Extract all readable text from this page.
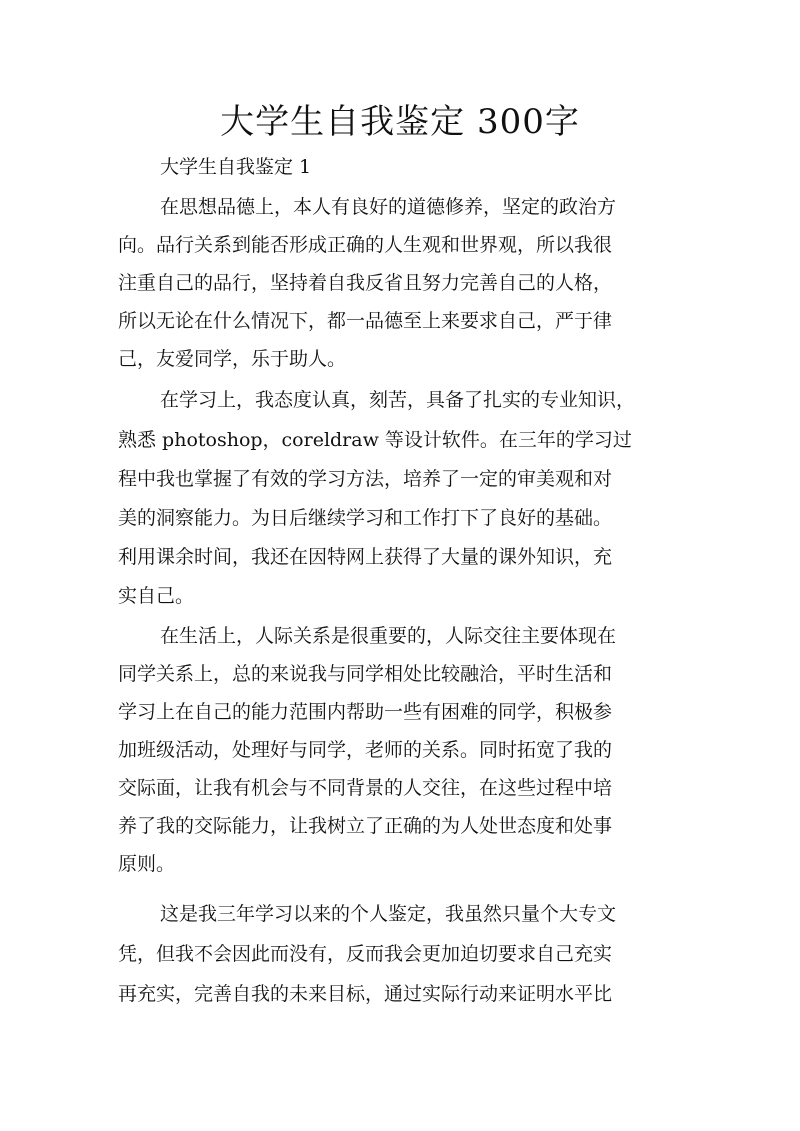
大学生自我鉴定 300字
大学生自我鉴定 1
在思想品德上，本人有良好的道德修养，坚定的政治方
向。品行关系到能否形成正确的人生观和世界观，所以我很
注重自己的品行，坚持着自我反省且努力完善自己的人格，
所以无论在什么情况下，都一品德至上来要求自己，严于律
己，友爱同学，乐于助人。
在学习上，我态度认真，刻苦，具备了扎实的专业知识，
熟悉 photoshop，coreldraw 等设计软件。在三年的学习过
程中我也掌握了有效的学习方法，培养了一定的审美观和对
美的洞察能力。为日后继续学习和工作打下了良好的基础。
利用课余时间，我还在因特网上获得了大量的课外知识，充
实自己。
在生活上，人际关系是很重要的，人际交往主要体现在
同学关系上，总的来说我与同学相处比较融洽，平时生活和
学习上在自己的能力范围内帮助一些有困难的同学，积极参
加班级活动，处理好与同学，老师的关系。同时拓宽了我的
交际面，让我有机会与不同背景的人交往，在这些过程中培
养了我的交际能力，让我树立了正确的为人处世态度和处事
原则。
这是我三年学习以来的个人鉴定，我虽然只量个大专文
凭，但我不会因此而没有，反而我会更加迫切要求自己充实
再充实，完善自我的未来目标，通过实际行动来证明水平比
